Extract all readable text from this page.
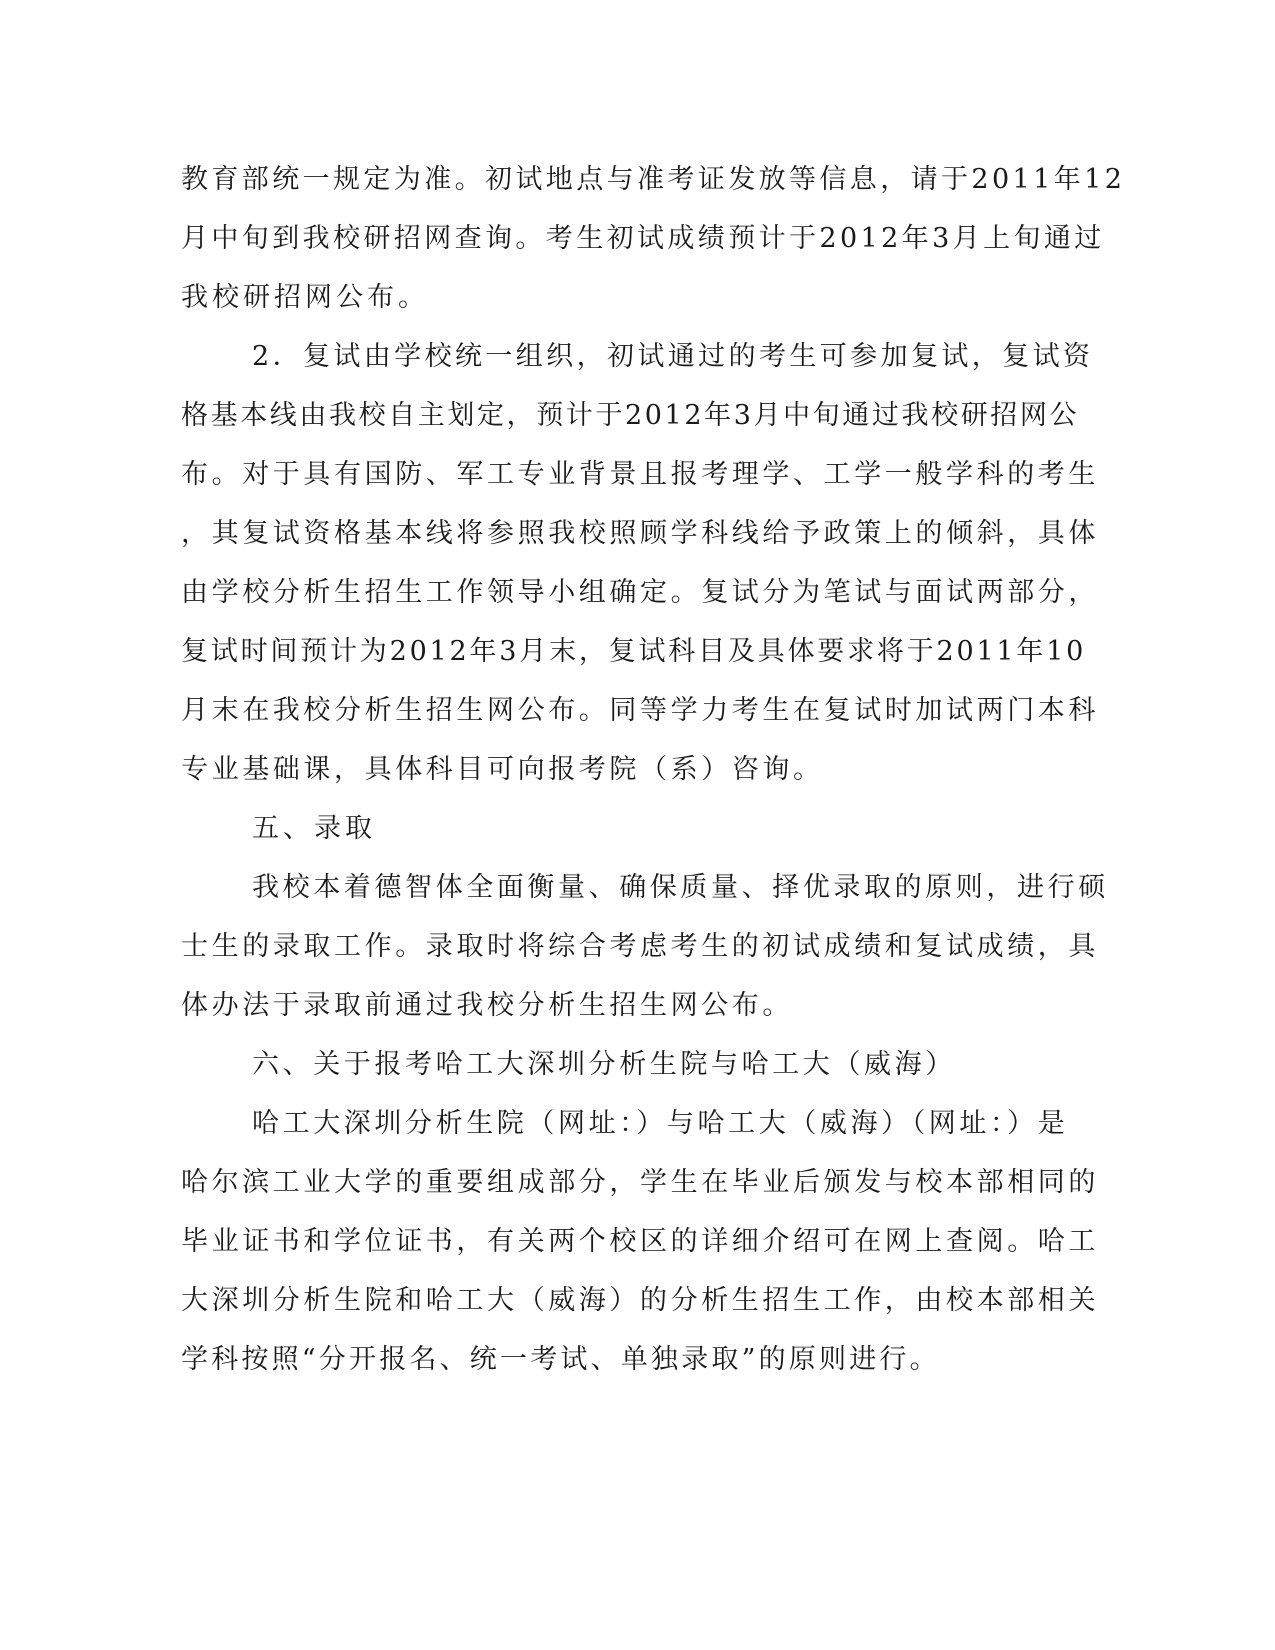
教育部统一规定为准。初试地点与准考证发放等信息，请于2011年12
月中旬到我校研招网查询。考生初试成绩预计于2012年3月上旬通过
我校研招网公布。
2．复试由学校统一组织，初试通过的考生可参加复试，复试资
格基本线由我校自主划定，预计于2012年3月中旬通过我校研招网公
布。对于具有国防、军工专业背景且报考理学、工学一般学科的考生
，其复试资格基本线将参照我校照顾学科线给予政策上的倾斜，具体
由学校分析生招生工作领导小组确定。复试分为笔试与面试两部分，
复试时间预计为2012年3月末，复试科目及具体要求将于2011年10
月末在我校分析生招生网公布。同等学力考生在复试时加试两门本科
专业基础课，具体科目可向报考院（系）咨询。
五、录取
我校本着德智体全面衡量、确保质量、择优录取的原则，进行硕
士生的录取工作。录取时将综合考虑考生的初试成绩和复试成绩，具
体办法于录取前通过我校分析生招生网公布。
六、关于报考哈工大深圳分析生院与哈工大（威海）
哈工大深圳分析生院（网址：）与哈工大（威海）（网址：）是
哈尔滨工业大学的重要组成部分，学生在毕业后颁发与校本部相同的
毕业证书和学位证书，有关两个校区的详细介绍可在网上查阅。哈工
大深圳分析生院和哈工大（威海）的分析生招生工作，由校本部相关
学科按照“分开报名、统一考试、单独录取”的原则进行。
